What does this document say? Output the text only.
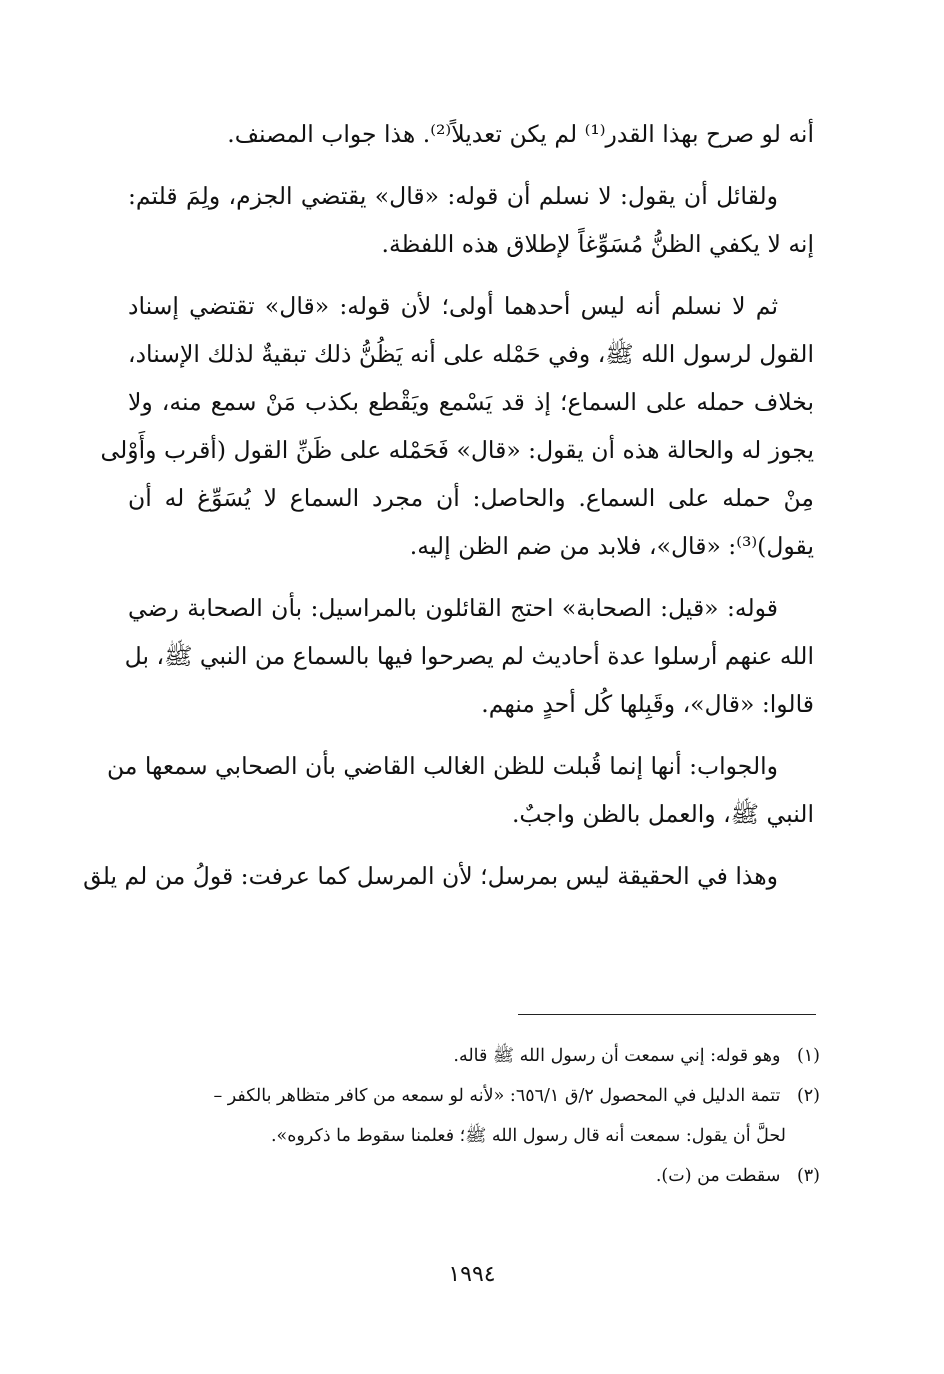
أنه لو صرح بهذا القدر⁽¹⁾ لم يكن تعديلاً⁽²⁾. هذا جواب المصنف.

ولقائل أن يقول: لا نسلم أن قوله: «قال» يقتضي الجزم، ولِمَ قلتم:
إنه لا يكفي الظنُّ مُسَوِّغاً لإطلاق هذه اللفظة.

ثم لا نسلم أنه ليس أحدهما أولى؛ لأن قوله: «قال» تقتضي إسناد
القول لرسول الله ﷺ، وفي حَمْله على أنه يَظُنُّ ذلك تبقيةٌ لذلك الإسناد،
بخلاف حمله على السماع؛ إذ قد يَسْمع ويَقْطع بكذب مَنْ سمع منه، ولا
يجوز له والحالة هذه أن يقول: «قال» فَحَمْله على ظَنِّ القول (أقرب وأَوْلى
مِنْ حمله على السماع. والحاصل: أن مجرد السماع لا يُسَوِّغ له أن
يقول)⁽³⁾: «قال»، فلابد من ضم الظن إليه.

قوله: «قيل: الصحابة» احتج القائلون بالمراسيل: بأن الصحابة رضي
الله عنهم أرسلوا عدة أحاديث لم يصرحوا فيها بالسماع من النبي ﷺ، بل
قالوا: «قال»، وقَبِلها كُل أحدٍ منهم.

والجواب: أنها إنما قُبلت للظن الغالب القاضي بأن الصحابي سمعها من
النبي ﷺ، والعمل بالظن واجبٌ.

وهذا في الحقيقة ليس بمرسل؛ لأن المرسل كما عرفت: قولُ من لم يلق

(١) وهو قوله: إني سمعت أن رسول الله ﷺ قاله.
(٢) تتمة الدليل في المحصول ٢/ق ٦٥٦/١: «لأنه لو سمعه من كافر متظاهر بالكفر –
لحلَّ أن يقول: سمعت أنه قال رسول الله ﷺ؛ فعلمنا سقوط ما ذكروه».
(٣) سقطت من (ت).
١٩٩٤
